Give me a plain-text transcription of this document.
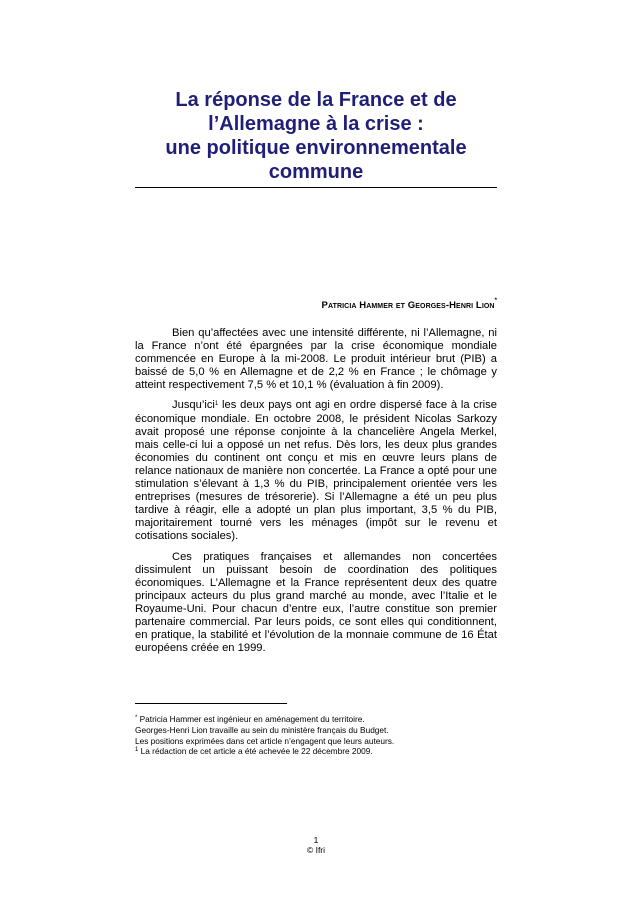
La réponse de la France et de
l’Allemagne à la crise :
une politique environnementale
commune
Patricia Hammer et Georges-Henri Lion*

Bien qu’affectées avec une intensité différente, ni l’Allemagne, ni la France n’ont été épargnées par la crise économique mondiale commencée en Europe à la mi-2008. Le produit intérieur brut (PIB) a baissé de 5,0 % en Allemagne et de 2,2 % en France ; le chômage y atteint respectivement 7,5 % et 10,1 % (évaluation à fin 2009).

Jusqu’ici$^1$ les deux pays ont agi en ordre dispersé face à la crise économique mondiale. En octobre 2008, le président Nicolas Sarkozy avait proposé une réponse conjointe à la chancelière Angela Merkel, mais celle-ci lui a opposé un net refus. Dès lors, les deux plus grandes économies du continent ont conçu et mis en œuvre leurs plans de relance nationaux de manière non concertée. La France a opté pour une stimulation s’élevant à 1,3 % du PIB, principalement orientée vers les entreprises (mesures de trésorerie). Si l’Allemagne a été un peu plus tardive à réagir, elle a adopté un plan plus important, 3,5 % du PIB, majoritairement tourné vers les ménages (impôt sur le revenu et cotisations sociales).

Ces pratiques françaises et allemandes non concertées dissimulent un puissant besoin de coordination des politiques économiques. L’Allemagne et la France représentent deux des quatre principaux acteurs du plus grand marché au monde, avec l’Italie et le Royaume-Uni. Pour chacun d’entre eux, l’autre constitue son premier partenaire commercial. Par leurs poids, ce sont elles qui conditionnent, en pratique, la stabilité et l’évolution de la monnaie commune de 16 État européens créée en 1999.

* Patricia Hammer est ingénieur en aménagement du territoire.
Georges-Henri Lion travaille au sein du ministère français du Budget.
Les positions exprimées dans cet article n’engagent que leurs auteurs.
$^1$ La rédaction de cet article a été achevée le 22 décembre 2009.
1
© Ifri
